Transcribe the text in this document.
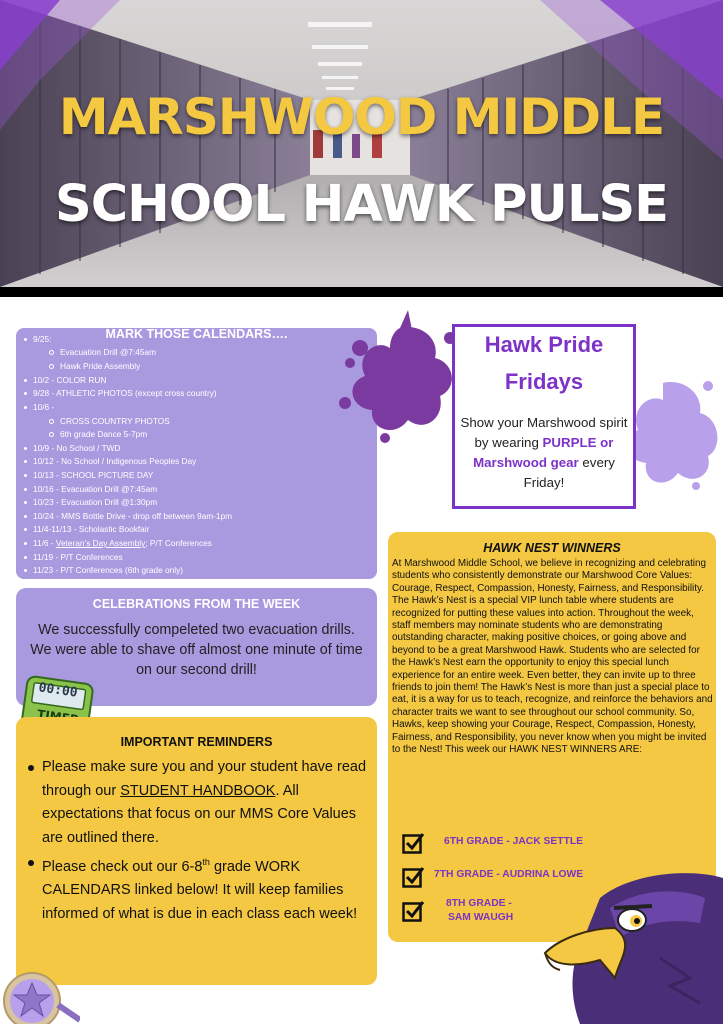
MARSHWOOD MIDDLE
SCHOOL HAWK PULSE
MARK THOSE CALENDARS….
9/25:
Evacuation Drill @7:45am
Hawk Pride Assembly
10/2 - COLOR RUN
9/28 - ATHLETIC PHOTOS (except cross country)
10/6 -
CROSS COUNTRY PHOTOS
6th grade Dance 5-7pm
10/9 - No School / TWD
10/12 - No School / Indigenous Peoples Day
10/13 - SCHOOL PICTURE DAY
10/16 - Evacuation Drill @7:45am
10/23 - Evacuation Drill @1:30pm
10/24 - MMS Bottle Drive - drop off between 9am-1pm
11/4-11/13 - Scholastic Bookfair
11/6 - Veteran’s Day Assembly; P/T Conferences
11/19 - P/T Conferences
11/23 - P/T Conferences (6th grade only)
Hawk Pride
Fridays
Show your Marshwood spirit by wearing PURPLE or Marshwood gear every Friday!
CELEBRATIONS FROM THE WEEK
We successfully compeleted two evacuation drills. We were able to shave off almost one minute of time on our second drill!
00:00
IMPORTANT REMINDERS
Please make sure you and your student have read through our STUDENT HANDBOOK. All expectations that focus on our MMS Core Values are outlined there.
Please check out our 6-8th grade WORK CALENDARS linked below! It will keep families informed of what is due in each class each week!
HAWK NEST WINNERS
At Marshwood Middle School, we believe in recognizing and celebrating students who consistently demonstrate our Marshwood Core Values: Courage, Respect, Compassion, Honesty, Fairness, and Responsibility. The Hawk’s Nest is a special VIP lunch table where students are recognized for putting these values into action. Throughout the week, staff members may nominate students who are demonstrating outstanding character, making positive choices, or going above and beyond to be a great Marshwood Hawk. Students who are selected for the Hawk’s Nest earn the opportunity to enjoy this special lunch experience for an entire week. Even better, they can invite up to three friends to join them! The Hawk’s Nest is more than just a special place to eat, it is a way for us to teach, recognize, and reinforce the behaviors and character traits we want to see throughout our school community. So, Hawks, keep showing your Courage, Respect, Compassion, Honesty, Fairness, and Responsibility, you never know when you might be invited to the Nest! This week our HAWK NEST WINNERS ARE:
6TH GRADE - JACK SETTLE
7TH GRADE - AUDRINA LOWE
8TH GRADE -
SAM WAUGH
